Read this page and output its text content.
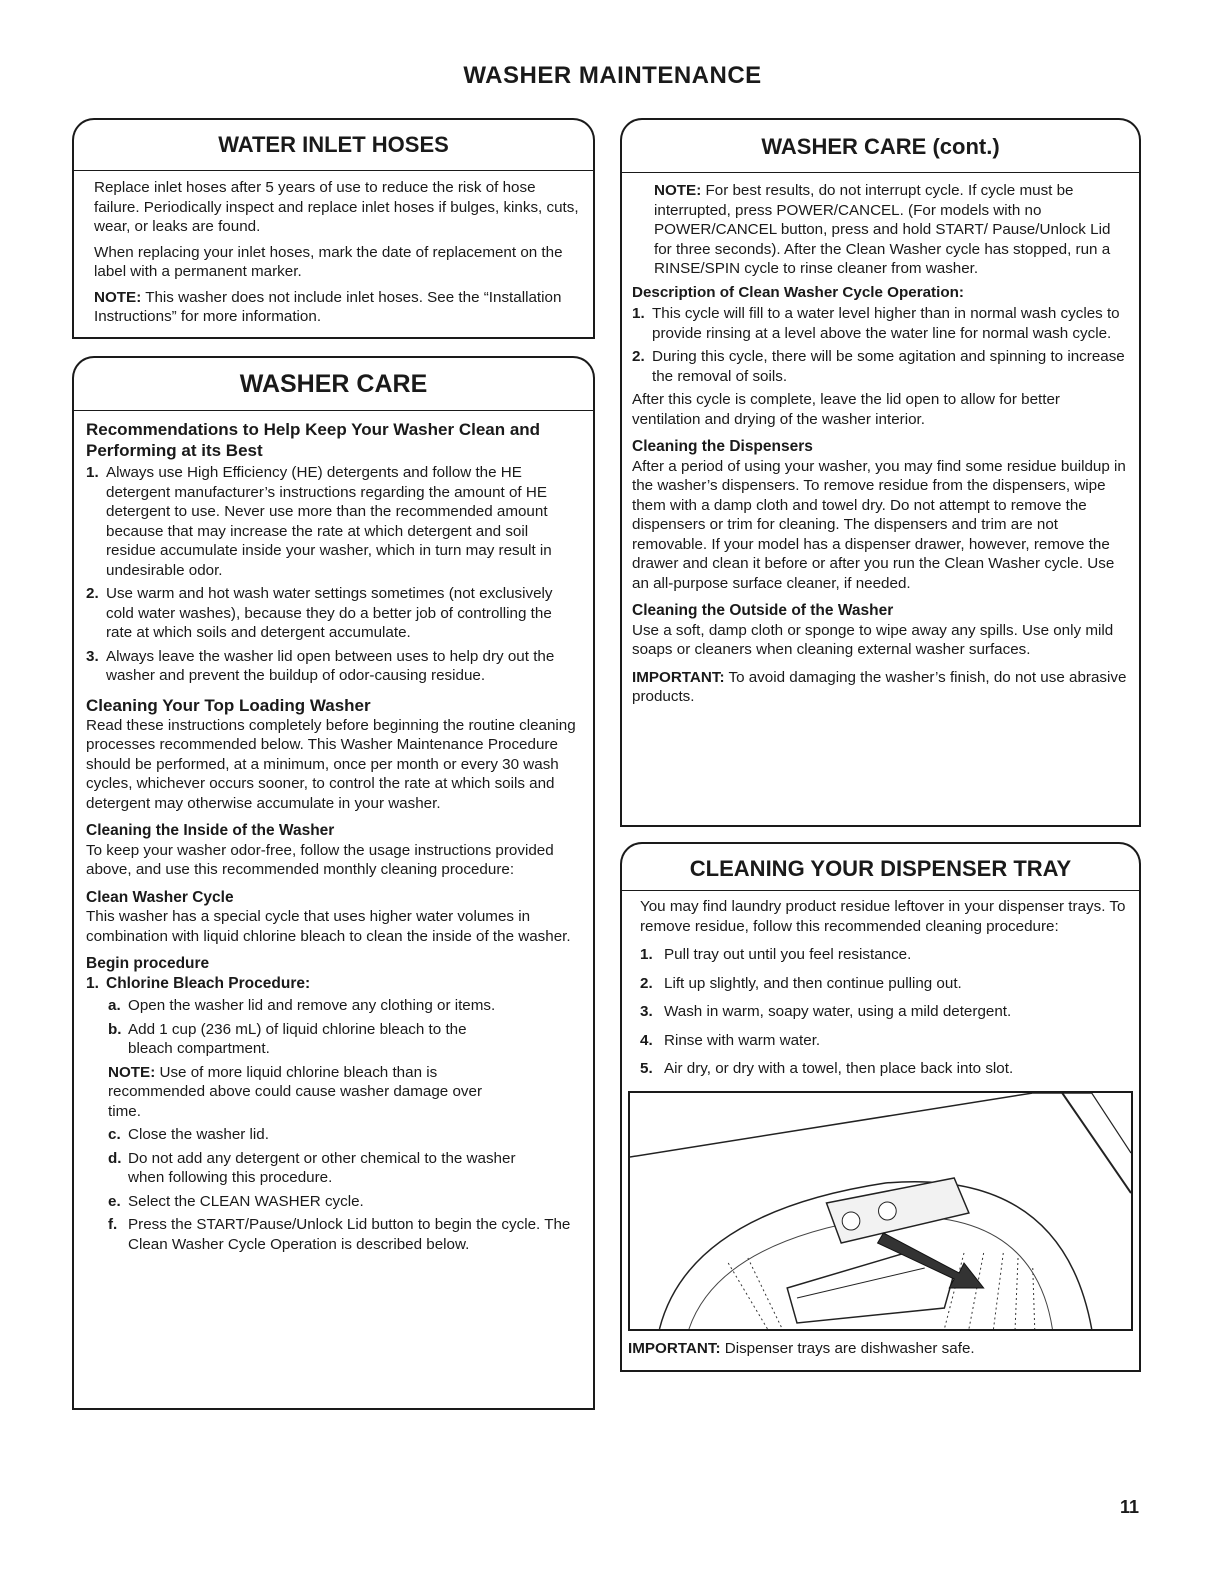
WASHER MAINTENANCE
WATER INLET HOSES

Replace inlet hoses after 5 years of use to reduce the risk of hose failure. Periodically inspect and replace inlet hoses if bulges, kinks, cuts, wear, or leaks are found.

When replacing your inlet hoses, mark the date of replacement on the label with a permanent marker.

NOTE: This washer does not include inlet hoses. See the “Installation Instructions” for more information.

WASHER CARE

Recommendations to Help Keep Your Washer Clean and Performing at its Best

1. Always use High Efficiency (HE) detergents and follow the HE detergent manufacturer’s instructions regarding the amount of HE detergent to use. Never use more than the recommended amount because that may increase the rate at which detergent and soil residue accumulate inside your washer, which in turn may result in undesirable odor.
2. Use warm and hot wash water settings sometimes (not exclusively cold water washes), because they do a better job of controlling the rate at which soils and detergent accumulate.
3. Always leave the washer lid open between uses to help dry out the washer and prevent the buildup of odor-causing residue.

Cleaning Your Top Loading Washer

Read these instructions completely before beginning the routine cleaning processes recommended below. This Washer Maintenance Procedure should be performed, at a minimum, once per month or every 30 wash cycles, whichever occurs sooner, to control the rate at which soils and detergent may otherwise accumulate in your washer.

Cleaning the Inside of the Washer

To keep your washer odor-free, follow the usage instructions provided above, and use this recommended monthly cleaning procedure:

Clean Washer Cycle

This washer has a special cycle that uses higher water volumes in combination with liquid chlorine bleach to clean the inside of the washer.

Begin procedure

1. Chlorine Bleach Procedure:

a. Open the washer lid and remove any clothing or items.
b. Add 1 cup (236 mL) of liquid chlorine bleach to the bleach compartment.

NOTE: Use of more liquid chlorine bleach than is recommended above could cause washer damage over time.

c. Close the washer lid.
d. Do not add any detergent or other chemical to the washer when following this procedure.
e. Select the CLEAN WASHER cycle.
f. Press the START/Pause/Unlock Lid button to begin the cycle. The Clean Washer Cycle Operation is described below.
WASHER CARE (cont.)

NOTE: For best results, do not interrupt cycle. If cycle must be interrupted, press POWER/CANCEL. (For models with no POWER/CANCEL button, press and hold START/ Pause/Unlock Lid for three seconds). After the Clean Washer cycle has stopped, run a RINSE/SPIN cycle to rinse cleaner from washer.

Description of Clean Washer Cycle Operation:

1. This cycle will fill to a water level higher than in normal wash cycles to provide rinsing at a level above the water line for normal wash cycle.
2. During this cycle, there will be some agitation and spinning to increase the removal of soils.

After this cycle is complete, leave the lid open to allow for better ventilation and drying of the washer interior.

Cleaning the Dispensers

After a period of using your washer, you may find some residue buildup in the washer’s dispensers. To remove residue from the dispensers, wipe them with a damp cloth and towel dry. Do not attempt to remove the dispensers or trim for cleaning. The dispensers and trim are not removable. If your model has a dispenser drawer, however, remove the drawer and clean it before or after you run the Clean Washer cycle. Use an all-purpose surface cleaner, if needed.

Cleaning the Outside of the Washer

Use a soft, damp cloth or sponge to wipe away any spills. Use only mild soaps or cleaners when cleaning external washer surfaces.

IMPORTANT: To avoid damaging the washer’s finish, do not use abrasive products.

CLEANING YOUR DISPENSER TRAY

You may find laundry product residue leftover in your dispenser trays. To remove residue, follow this recommended cleaning procedure:

1. Pull tray out until you feel resistance.
2. Lift up slightly, and then continue pulling out.
3. Wash in warm, soapy water, using a mild detergent.
4. Rinse with warm water.
5. Air dry, or dry with a towel, then place back into slot.

IMPORTANT: Dispenser trays are dishwasher safe.

11
